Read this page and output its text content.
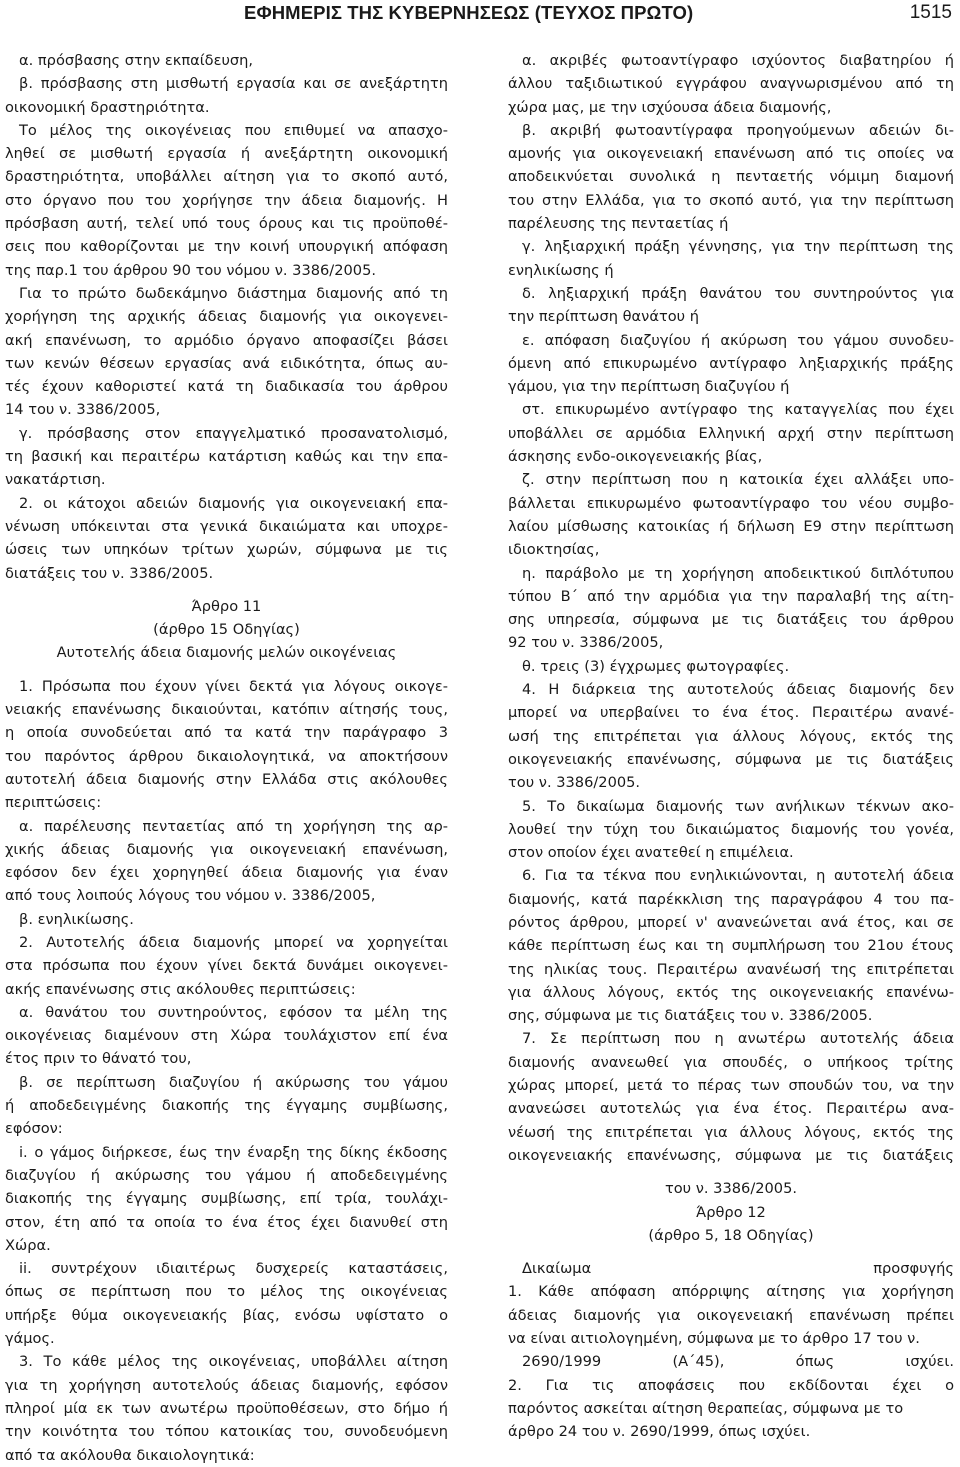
ΕΦΗΜΕΡΙΣ ΤΗΣ ΚΥΒΕΡΝΗΣΕΩΣ (ΤΕΥΧΟΣ ΠΡΩΤΟ)	1515
α. πρόσβασης στην εκπαίδευση,
β. πρόσβασης στη μισθωτή εργασία και σε ανεξάρτητη
οικονομική δραστηριότητα.
Το μέλος της οικογένειας που επιθυμεί να απασχο-
ληθεί σε μισθωτή εργασία ή ανεξάρτητη οικονομική
δραστηριότητα, υποβάλλει αίτηση για το σκοπό αυτό,
στο όργανο που του χορήγησε την άδεια διαμονής. Η
πρόσβαση αυτή, τελεί υπό τους όρους και τις προϋποθέ-
σεις που καθορίζονται με την κοινή υπουργική απόφαση
της παρ.1 του άρθρου 90 του νόμου ν. 3386/2005.
Για το πρώτο δωδεκάμηνο διάστημα διαμονής από τη
χορήγηση της αρχικής άδειας διαμονής για οικογενει-
ακή επανένωση, το αρμόδιο όργανο αποφασίζει βάσει
των κενών θέσεων εργασίας ανά ειδικότητα, όπως αυ-
τές έχουν καθοριστεί κατά τη διαδικασία του άρθρου
14 του ν. 3386/2005,
γ. πρόσβασης στον επαγγελματικό προσανατολισμό,
τη βασική και περαιτέρω κατάρτιση καθώς και την επα-
νακατάρτιση.
2. οι κάτοχοι αδειών διαμονής για οικογενειακή επα-
νένωση υπόκεινται στα γενικά δικαιώματα και υποχρε-
ώσεις των υπηκόων τρίτων χωρών, σύμφωνα με τις
διατάξεις του ν. 3386/2005.
Άρθρο 11
(άρθρο 15 Οδηγίας)
Αυτοτελής άδεια διαμονής μελών οικογένειας
1. Πρόσωπα που έχουν γίνει δεκτά για λόγους οικογε-
νειακής επανένωσης δικαιούνται, κατόπιν αίτησής τους,
η οποία συνοδεύεται από τα κατά την παράγραφο 3
του παρόντος άρθρου δικαιολογητικά, να αποκτήσουν
αυτοτελή άδεια διαμονής στην Ελλάδα στις ακόλουθες
περιπτώσεις:
α. παρέλευσης πενταετίας από τη χορήγηση της αρ-
χικής άδειας διαμονής για οικογενειακή επανένωση,
εφόσον δεν έχει χορηγηθεί άδεια διαμονής για έναν
από τους λοιπούς λόγους του νόμου ν. 3386/2005,
β. ενηλικίωσης.
2. Αυτοτελής άδεια διαμονής μπορεί να χορηγείται
στα πρόσωπα που έχουν γίνει δεκτά δυνάμει οικογενει-
ακής επανένωσης στις ακόλουθες περιπτώσεις:
α. θανάτου του συντηρούντος, εφόσον τα μέλη της
οικογένειας διαμένουν στη Χώρα τουλάχιστον επί ένα
έτος πριν το θάνατό του,
β. σε περίπτωση διαζυγίου ή ακύρωσης του γάμου
ή αποδεδειγμένης διακοπής της έγγαμης συμβίωσης,
εφόσον:
i. ο γάμος διήρκεσε, έως την έναρξη της δίκης έκδοσης
διαζυγίου ή ακύρωσης του γάμου ή αποδεδειγμένης
διακοπής της έγγαμης συμβίωσης, επί τρία, τουλάχι-
στον, έτη από τα οποία το ένα έτος έχει διανυθεί στη
Χώρα.
ii. συντρέχουν ιδιαιτέρως δυσχερείς καταστάσεις,
όπως σε περίπτωση που το μέλος της οικογένειας
υπήρξε θύμα οικογενειακής βίας, ενόσω υφίστατο ο
γάμος.
3. Το κάθε μέλος της οικογένειας, υποβάλλει αίτηση
για τη χορήγηση αυτοτελούς άδειας διαμονής, εφόσον
πληροί μία εκ των ανωτέρω προϋποθέσεων, στο δήμο ή
την κοινότητα του τόπου κατοικίας του, συνοδευόμενη
από τα ακόλουθα δικαιολογητικά:
α. ακριβές φωτοαντίγραφο ισχύοντος διαβατηρίου ή
άλλου ταξιδιωτικού εγγράφου αναγνωρισμένου από τη
χώρα μας, με την ισχύουσα άδεια διαμονής,
β. ακριβή φωτοαντίγραφα προηγούμενων αδειών δι-
αμονής για οικογενειακή επανένωση από τις οποίες να
αποδεικνύεται συνολικά η πενταετής νόμιμη διαμονή
του στην Ελλάδα, για το σκοπό αυτό, για την περίπτωση
παρέλευσης της πενταετίας ή
γ. ληξιαρχική πράξη γέννησης, για την περίπτωση της
ενηλικίωσης ή
δ. ληξιαρχική πράξη θανάτου του συντηρούντος για
την περίπτωση θανάτου ή
ε. απόφαση διαζυγίου ή ακύρωση του γάμου συνοδευ-
όμενη από επικυρωμένο αντίγραφο ληξιαρχικής πράξης
γάμου, για την περίπτωση διαζυγίου ή
στ. επικυρωμένο αντίγραφο της καταγγελίας που έχει
υποβάλλει σε αρμόδια Ελληνική αρχή στην περίπτωση
άσκησης ενδο-οικογενειακής βίας,
ζ. στην περίπτωση που η κατοικία έχει αλλάξει υπο-
βάλλεται επικυρωμένο φωτοαντίγραφο του νέου συμβο-
λαίου μίσθωσης κατοικίας ή δήλωση Ε9 στην περίπτωση
ιδιοκτησίας,
η. παράβολο με τη χορήγηση αποδεικτικού διπλότυπου
τύπου Β΄ από την αρμόδια για την παραλαβή της αίτη-
σης υπηρεσία, σύμφωνα με τις διατάξεις του άρθρου
92 του ν. 3386/2005,
θ. τρεις (3) έγχρωμες φωτογραφίες.
4. Η διάρκεια της αυτοτελούς άδειας διαμονής δεν
μπορεί να υπερβαίνει το ένα έτος. Περαιτέρω ανανέ-
ωσή της επιτρέπεται για άλλους λόγους, εκτός της
οικογενειακής επανένωσης, σύμφωνα με τις διατάξεις
του ν. 3386/2005.
5. Το δικαίωμα διαμονής των ανήλικων τέκνων ακο-
λουθεί την τύχη του δικαιώματος διαμονής του γονέα,
στον οποίον έχει ανατεθεί η επιμέλεια.
6. Για τα τέκνα που ενηλικιώνονται, η αυτοτελή άδεια
διαμονής, κατά παρέκκλιση της παραγράφου 4 του πα-
ρόντος άρθρου, μπορεί ν' ανανεώνεται ανά έτος, και σε
κάθε περίπτωση έως και τη συμπλήρωση του 21ου έτους
της ηλικίας τους. Περαιτέρω ανανέωσή της επιτρέπεται
για άλλους λόγους, εκτός της οικογενειακής επανένω-
σης, σύμφωνα με τις διατάξεις του ν. 3386/2005.
7. Σε περίπτωση που η ανωτέρω αυτοτελής άδεια
διαμονής ανανεωθεί για σπουδές, ο υπήκοος τρίτης
χώρας μπορεί, μετά το πέρας των σπουδών του, να την
ανανεώσει αυτοτελώς για ένα έτος. Περαιτέρω ανα-
νέωσή της επιτρέπεται για άλλους λόγους, εκτός της
οικογενειακής επανένωσης, σύμφωνα με τις διατάξεις
του ν. 3386/2005.
Άρθρο 12
(άρθρο 5, 18 Οδηγίας)
Δικαίωμα προσφυγής
1. Κάθε απόφαση απόρριψης αίτησης για χορήγηση
άδειας διαμονής για οικογενειακή επανένωση πρέπει
να είναι αιτιολογημένη, σύμφωνα με το άρθρο 17 του ν.
2690/1999 (Α΄45), όπως ισχύει.
2. Για τις αποφάσεις που εκδίδονται έχει ο
παρόντος ασκείται αίτηση θεραπείας, σύμφωνα με το
άρθρο 24 του ν. 2690/1999, όπως ισχύει.
